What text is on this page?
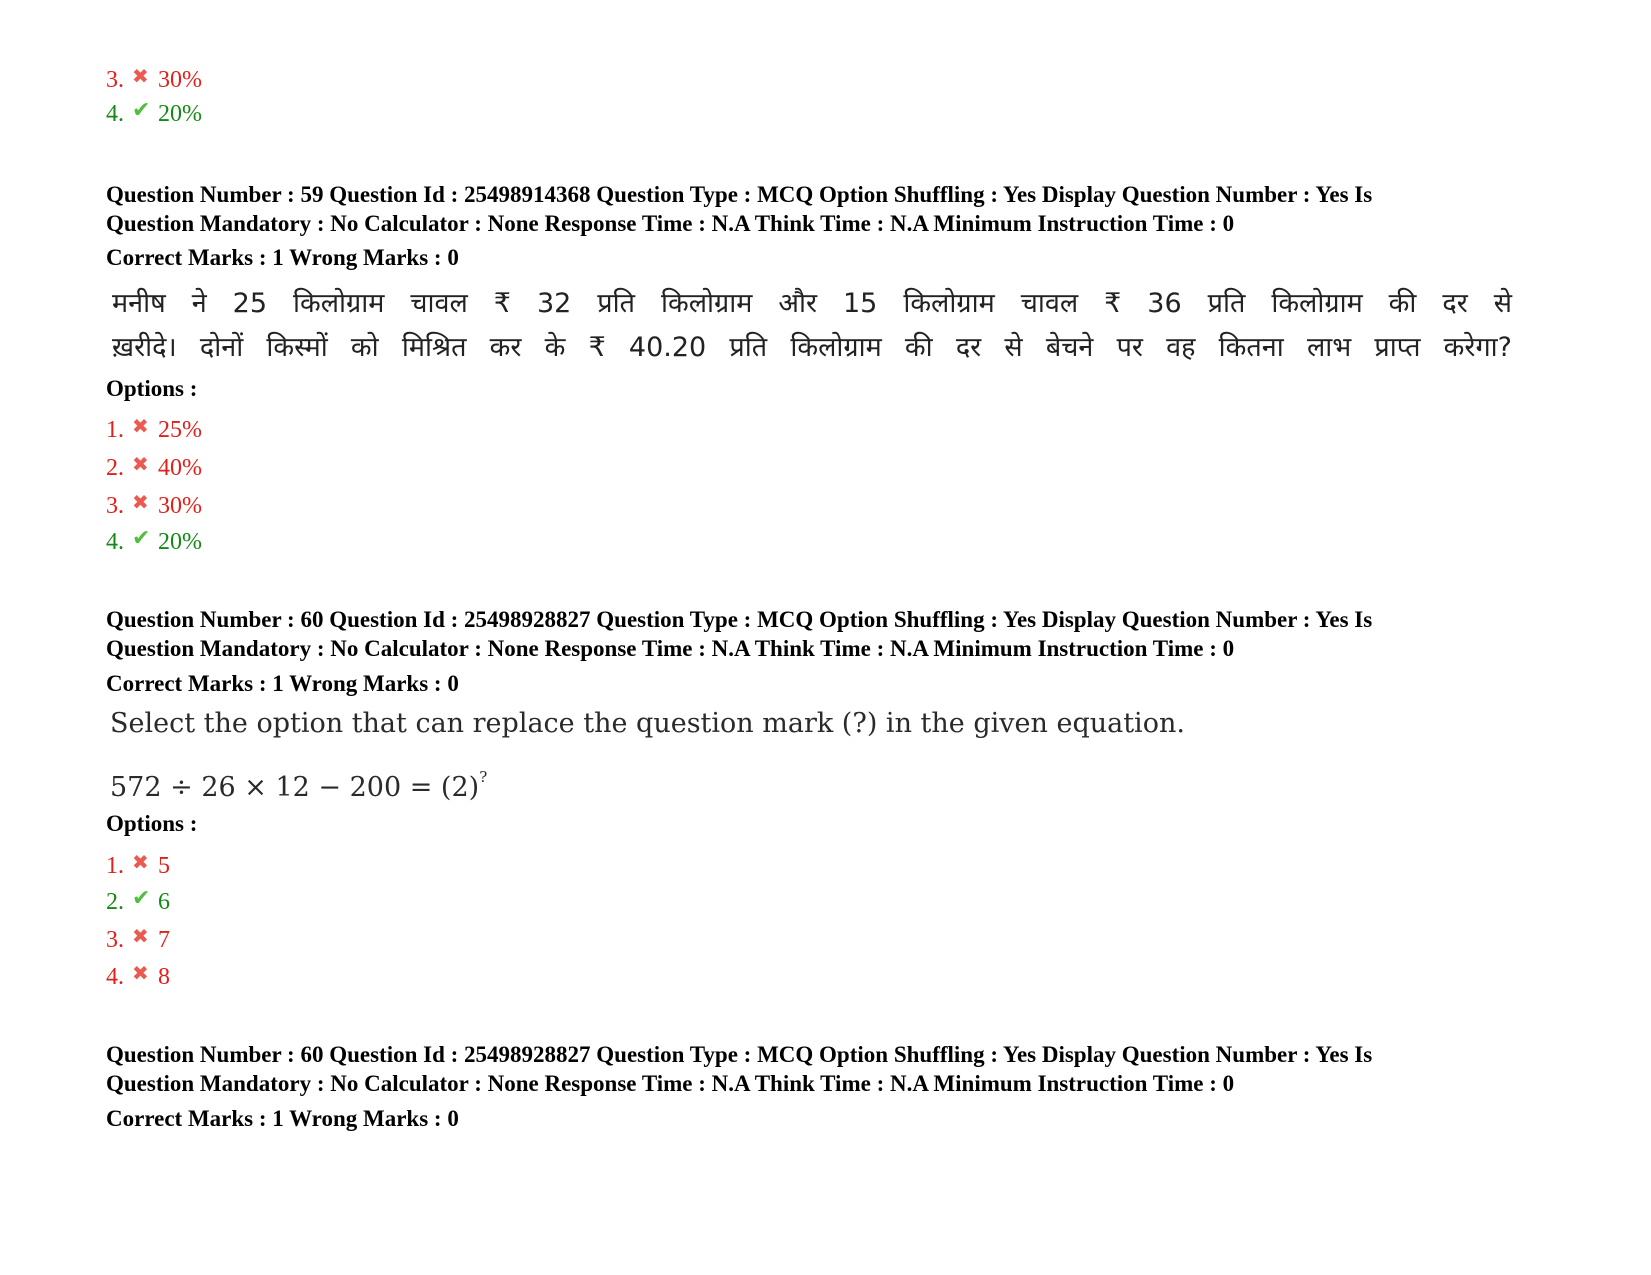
3. ✖ 30%
4. ✔ 20%
Question Number : 59 Question Id : 25498914368 Question Type : MCQ Option Shuffling : Yes Display Question Number : Yes Is
Question Mandatory : No Calculator : None Response Time : N.A Think Time : N.A Minimum Instruction Time : 0
Correct Marks : 1 Wrong Marks : 0
मनीष ने 25 किलोग्राम चावल ₹ 32 प्रति किलोग्राम और 15 किलोग्राम चावल ₹ 36 प्रति किलोग्राम की दर से
ख़रीदे। दोनों किस्मों को मिश्रित कर के ₹ 40.20 प्रति किलोग्राम की दर से बेचने पर वह कितना लाभ प्राप्त करेगा?
Options :
1. ✖ 25%
2. ✖ 40%
3. ✖ 30%
4. ✔ 20%
Question Number : 60 Question Id : 25498928827 Question Type : MCQ Option Shuffling : Yes Display Question Number : Yes Is
Question Mandatory : No Calculator : None Response Time : N.A Think Time : N.A Minimum Instruction Time : 0
Correct Marks : 1 Wrong Marks : 0
Select the option that can replace the question mark (?) in the given equation.
572 ÷ 26 × 12 − 200 = (2)?
Options :
1. ✖ 5
2. ✔ 6
3. ✖ 7
4. ✖ 8
Question Number : 60 Question Id : 25498928827 Question Type : MCQ Option Shuffling : Yes Display Question Number : Yes Is
Question Mandatory : No Calculator : None Response Time : N.A Think Time : N.A Minimum Instruction Time : 0
Correct Marks : 1 Wrong Marks : 0
